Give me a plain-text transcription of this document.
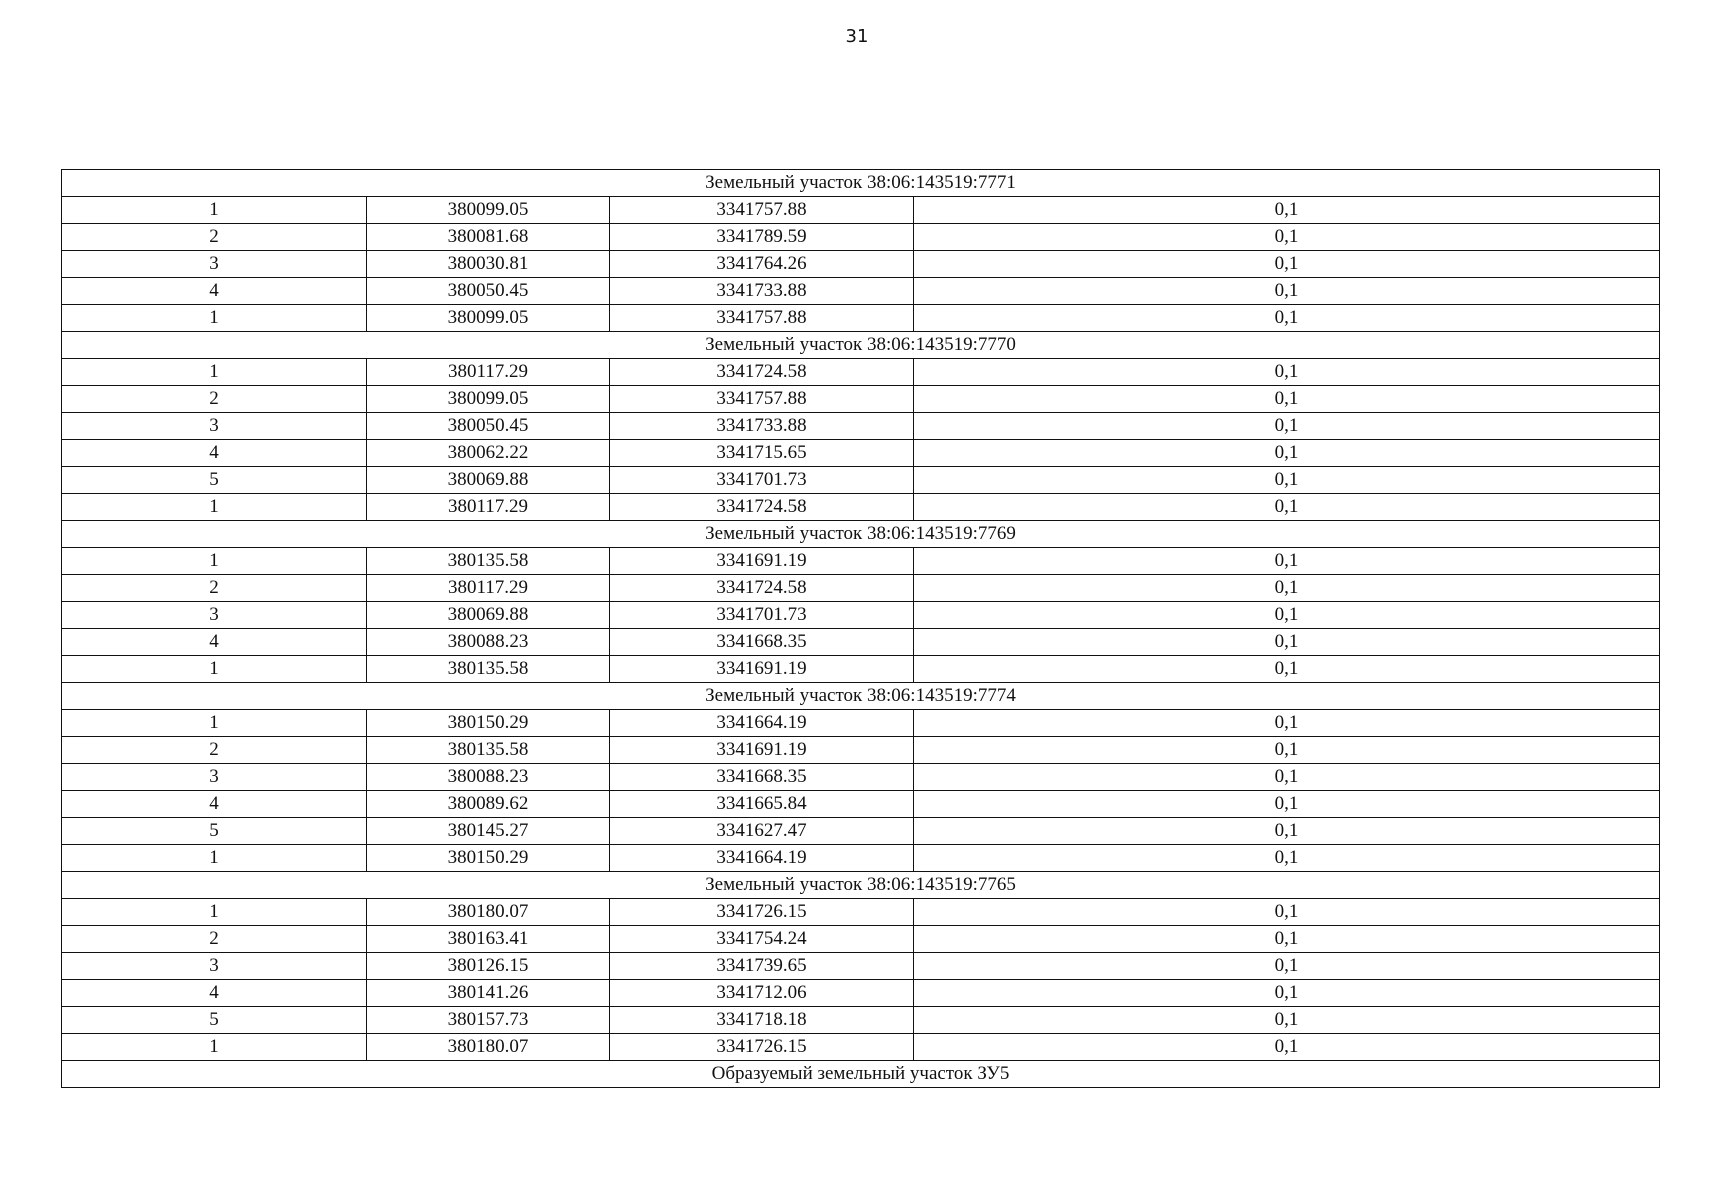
31
Земельный участок 38:06:143519:7771			
1	380099.05	3341757.88	0,1
2	380081.68	3341789.59	0,1
3	380030.81	3341764.26	0,1
4	380050.45	3341733.88	0,1
1	380099.05	3341757.88	0,1
Земельный участок 38:06:143519:7770			
1	380117.29	3341724.58	0,1
2	380099.05	3341757.88	0,1
3	380050.45	3341733.88	0,1
4	380062.22	3341715.65	0,1
5	380069.88	3341701.73	0,1
1	380117.29	3341724.58	0,1
Земельный участок 38:06:143519:7769			
1	380135.58	3341691.19	0,1
2	380117.29	3341724.58	0,1
3	380069.88	3341701.73	0,1
4	380088.23	3341668.35	0,1
1	380135.58	3341691.19	0,1
Земельный участок 38:06:143519:7774			
1	380150.29	3341664.19	0,1
2	380135.58	3341691.19	0,1
3	380088.23	3341668.35	0,1
4	380089.62	3341665.84	0,1
5	380145.27	3341627.47	0,1
1	380150.29	3341664.19	0,1
Земельный участок 38:06:143519:7765			
1	380180.07	3341726.15	0,1
2	380163.41	3341754.24	0,1
3	380126.15	3341739.65	0,1
4	380141.26	3341712.06	0,1
5	380157.73	3341718.18	0,1
1	380180.07	3341726.15	0,1
Образуемый земельный участок ЗУ5			
